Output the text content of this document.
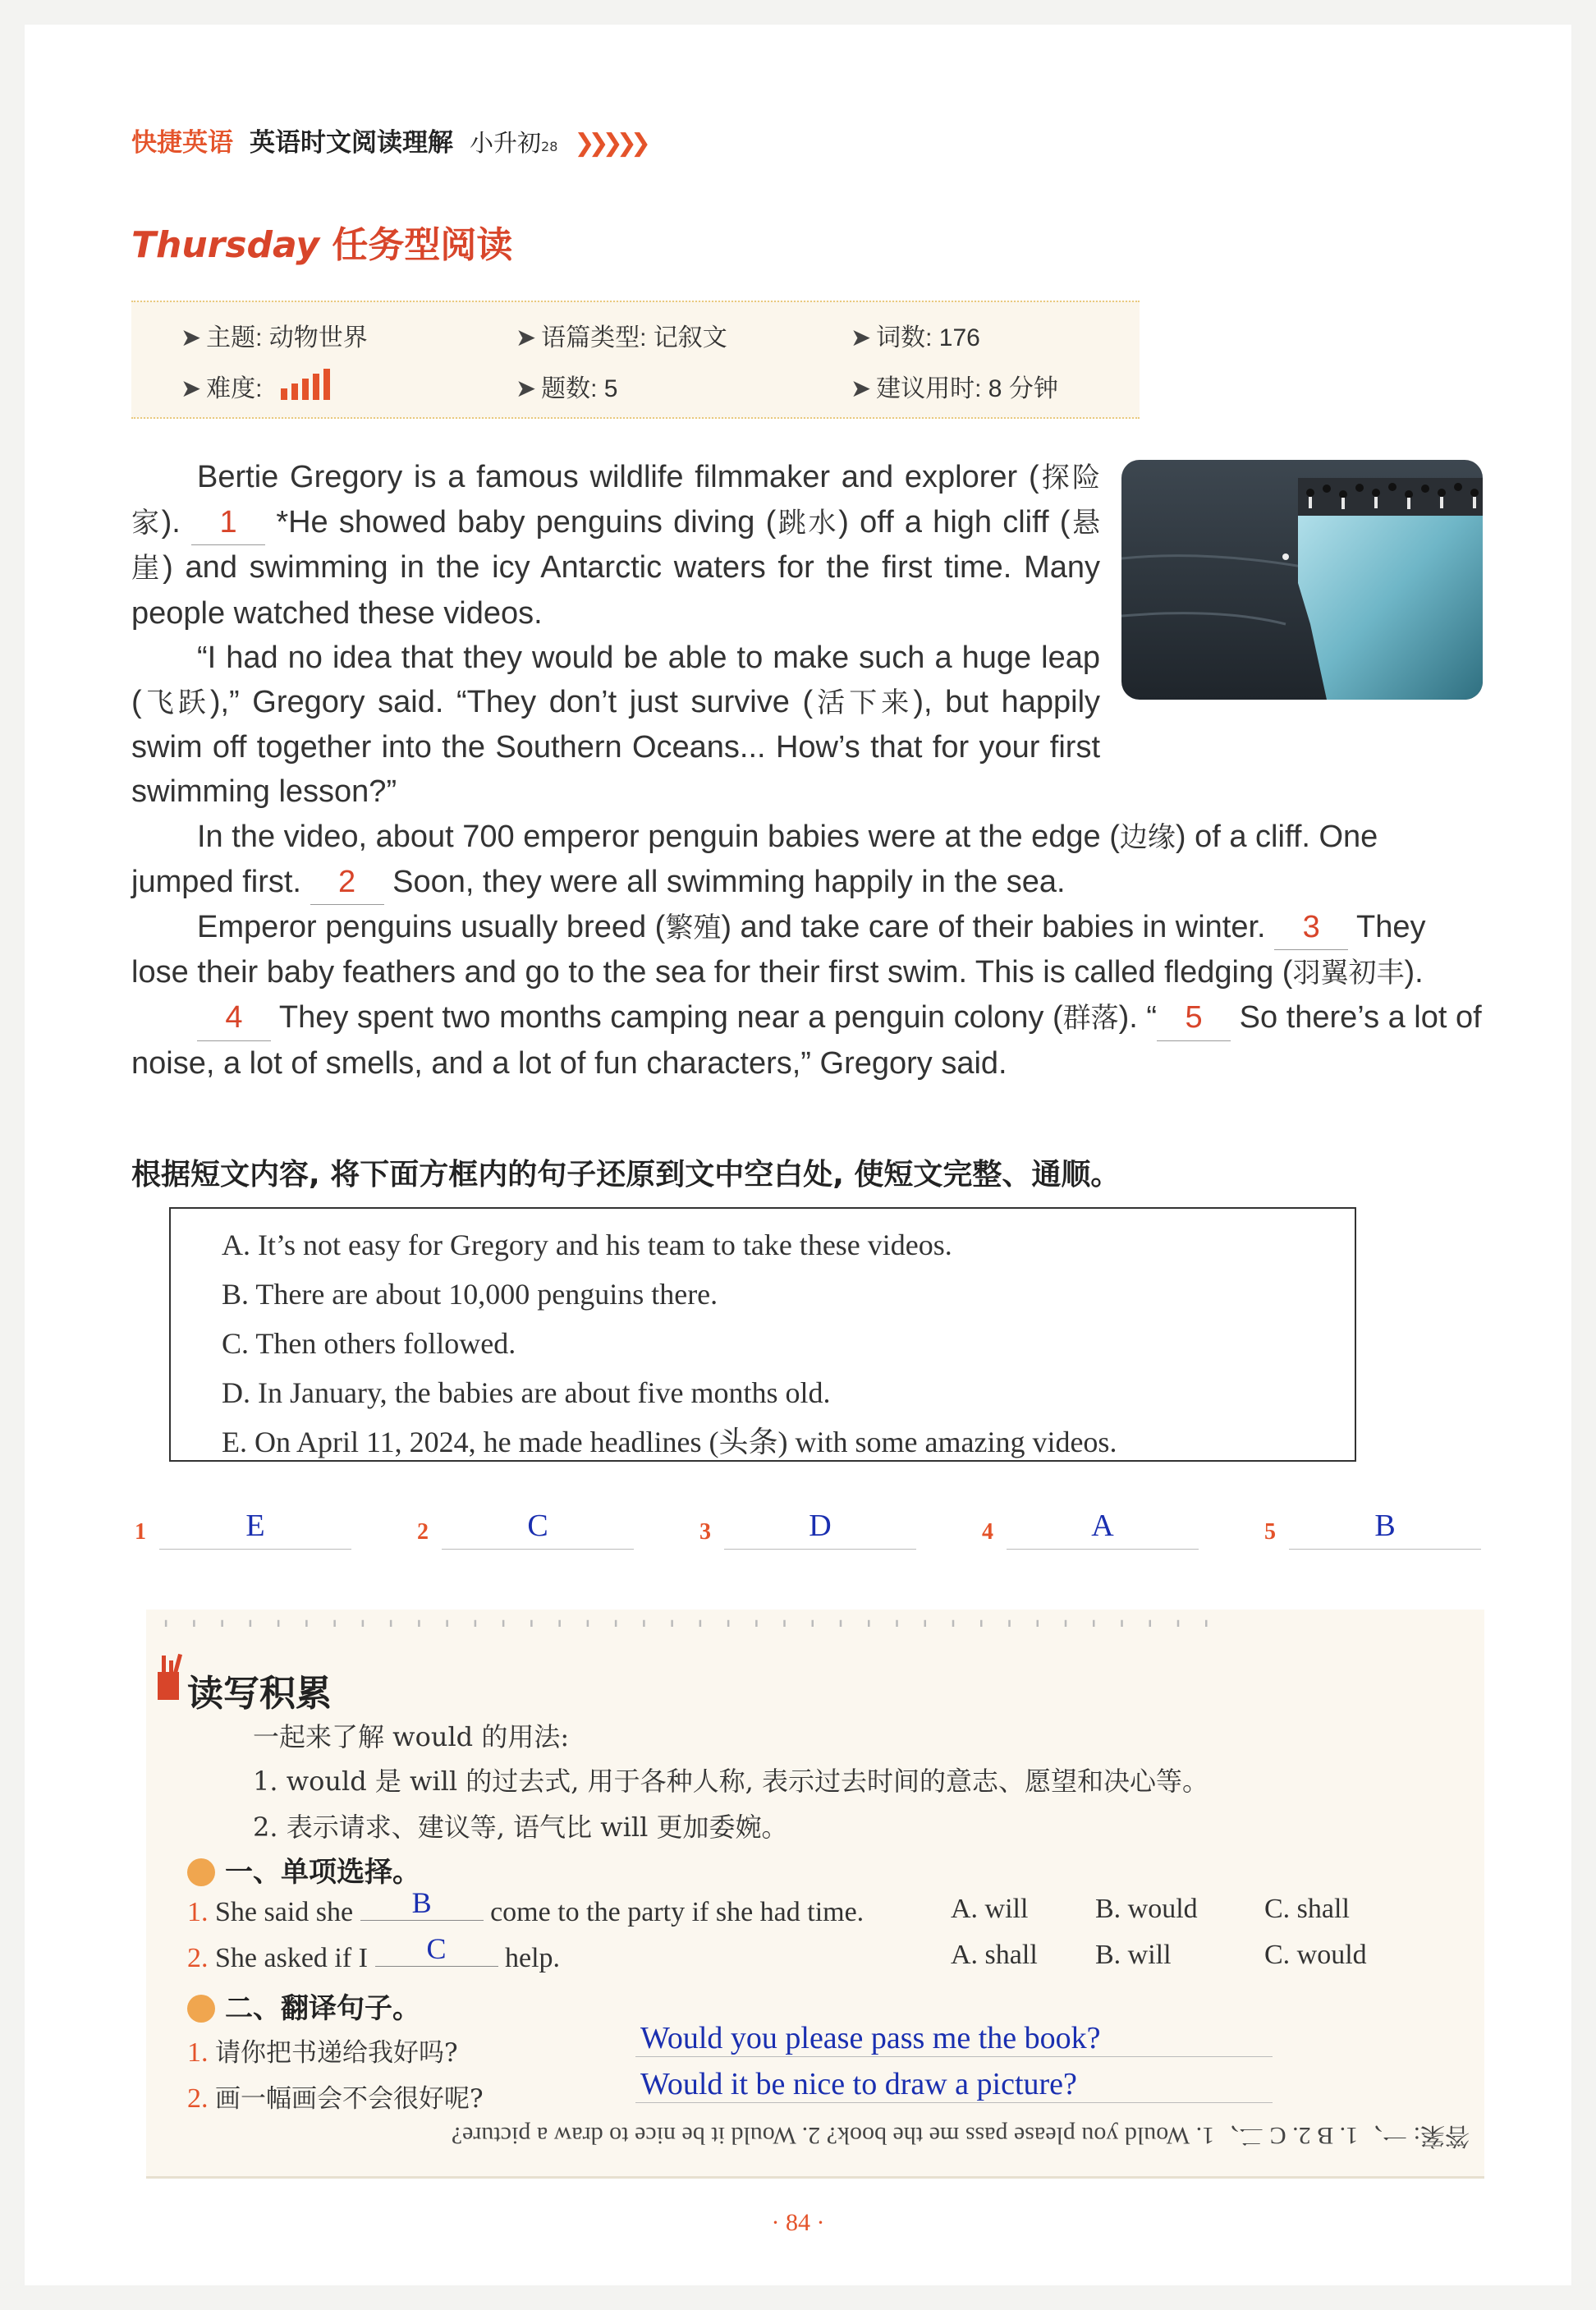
快捷英语 英语时文阅读理解 小升初28 ❯❯❯❯❯
Thursday 任务型阅读
➤ 主题: 动物世界	➤ 语篇类型: 记叙文	➤ 词数: 176
➤ 难度:	➤ 题数: 5	➤ 建议用时: 8 分钟

Bertie Gregory is a famous wildlife filmmaker and explorer (探险家). 1 *He showed baby penguins diving (跳水) off a high cliff (悬崖) and swimming in the icy Antarctic waters for the first time. Many people watched these videos.

“I had no idea that they would be able to make such a huge leap (飞跃),” Gregory said. “They don’t just survive (活下来), but happily swim off together into the Southern Oceans... How’s that for your first swimming lesson?”

In the video, about 700 emperor penguin babies were at the edge (边缘) of a cliff. One jumped first. 2 Soon, they were all swimming happily in the sea.

Emperor penguins usually breed (繁殖) and take care of their babies in winter. 3 They lose their baby feathers and go to the sea for their first swim. This is called fledging (羽翼初丰).

4 They spent two months camping near a penguin colony (群落). “ 5 So there’s a lot of noise, a lot of smells, and a lot of fun characters,” Gregory said.

根据短文内容, 将下面方框内的句子还原到文中空白处, 使短文完整、通顺。
A. It’s not easy for Gregory and his team to take these videos.
B. There are about 10,000 penguins there.
C. Then others followed.
D. In January, the babies are about five months old.
E. On April 11, 2024, he made headlines (头条) with some amazing videos.
1	E	2	C	3	D	4	A	5	B
''''''''''''''''''''''''''''''''''''''
读写积累
一起来了解 would 的用法:
1. would 是 will 的过去式, 用于各种人称, 表示过去时间的意志、愿望和决心等。
2. 表示请求、建议等, 语气比 will 更加委婉。
一、单项选择。
1. She said she B come to the party if she had time.	A. will B. would C. shall
2. She asked if I C help.	A. shall B. will	C. would
二、翻译句子。
1. 请你把书递给我好吗?	Would you please pass me the book?
2. 画一幅画会不会很好呢?	Would it be nice to draw a picture?
答案: 一、1. B 2. C 二、1. Would you please pass me the book? 2. Would it be nice to draw a picture?
· 84 ·
